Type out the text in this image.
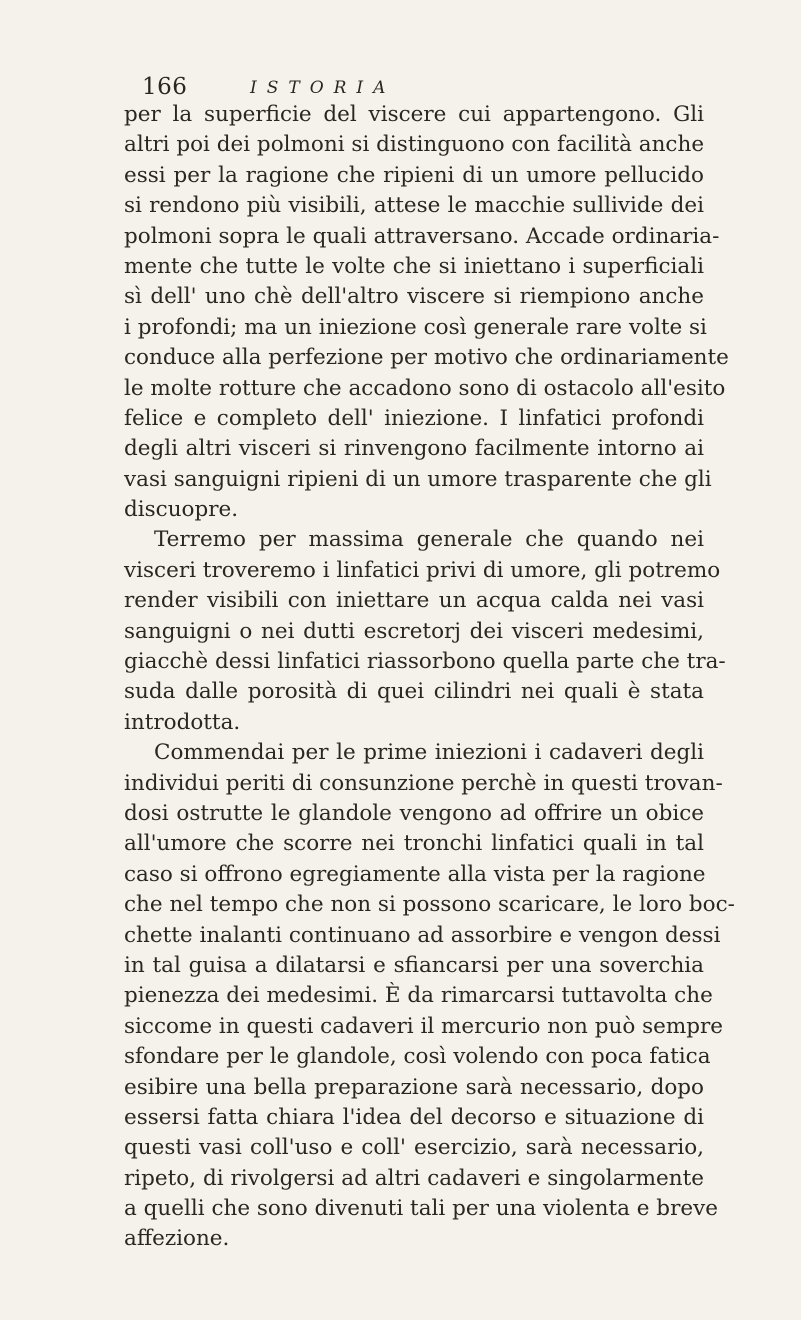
166	ISTORIA
per la superficie del viscere cui appartengono. Gli
altri poi dei polmoni si distinguono con facilità anche
essi per la ragione che ripieni di un umore pellucido
si rendono più visibili, attese le macchie sullivide dei
polmoni sopra le quali attraversano. Accade ordinaria-
mente che tutte le volte che si iniettano i superficiali
sì dell' uno chè dell'altro viscere si riempiono anche
i profondi; ma un iniezione così generale rare volte si
conduce alla perfezione per motivo che ordinariamente
le molte rotture che accadono sono di ostacolo all'esito
felice e completo dell' iniezione. I linfatici profondi
degli altri visceri si rinvengono facilmente intorno ai
vasi sanguigni ripieni di un umore trasparente che gli
discuopre.
Terremo per massima generale che quando nei
visceri troveremo i linfatici privi di umore, gli potremo
render visibili con iniettare un acqua calda nei vasi
sanguigni o nei dutti escretorj dei visceri medesimi,
giacchè dessi linfatici riassorbono quella parte che tra-
suda dalle porosità di quei cilindri nei quali è stata
introdotta.
Commendai per le prime iniezioni i cadaveri degli
individui periti di consunzione perchè in questi trovan-
dosi ostrutte le glandole vengono ad offrire un obice
all'umore che scorre nei tronchi linfatici quali in tal
caso si offrono egregiamente alla vista per la ragione
che nel tempo che non si possono scaricare, le loro boc-
chette inalanti continuano ad assorbire e vengon dessi
in tal guisa a dilatarsi e sfiancarsi per una soverchia
pienezza dei medesimi. È da rimarcarsi tuttavolta che
siccome in questi cadaveri il mercurio non può sempre
sfondare per le glandole, così volendo con poca fatica
esibire una bella preparazione sarà necessario, dopo
essersi fatta chiara l'idea del decorso e situazione di
questi vasi coll'uso e coll' esercizio, sarà necessario,
ripeto, di rivolgersi ad altri cadaveri e singolarmente
a quelli che sono divenuti tali per una violenta e breve
affezione.
